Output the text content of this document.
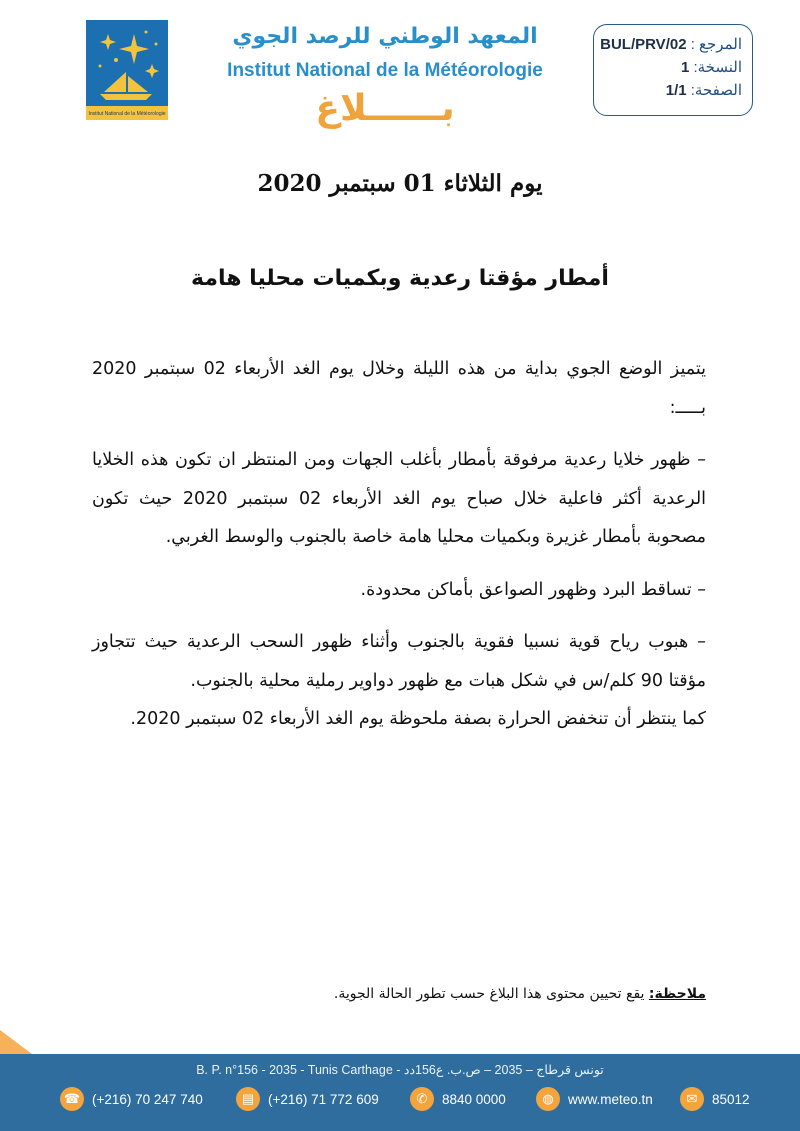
Institut National de la Météorologie
المعهد الوطني للرصد الجوي
Institut National de la Météorologie
بــــــلاغ
المرجع : BUL/PRV/02
النسخة: 1
الصفحة: 1/1
يوم الثلاثاء 01 سبتمبر 2020
أمطار مؤقتا رعدية وبكميات محليا هامة

يتميز الوضع الجوي بداية من هذه الليلة وخلال يوم الغد الأربعاء 02 سبتمبر 2020 بـــــ:

– ظهور خلايا رعدية مرفوقة بأمطار بأغلب الجهات ومن المنتظر ان تكون هذه الخلايا الرعدية أكثر فاعلية خلال صباح يوم الغد الأربعاء 02 سبتمبر 2020 حيث تكون مصحوبة بأمطار غزيرة وبكميات محليا هامة خاصة بالجنوب والوسط الغربي.

– تساقط البرد وظهور الصواعق بأماكن محدودة.

– هبوب رياح قوية نسبيا فقوية بالجنوب وأثناء ظهور السحب الرعدية حيث تتجاوز مؤقتا 90 كلم/س في شكل هبات مع ظهور دواوير رملية محلية بالجنوب.

كما ينتظر أن تنخفض الحرارة بصفة ملحوظة يوم الغد الأربعاء 02 سبتمبر 2020.

ملاحظة: يقع تحيين محتوى هذا البلاغ حسب تطور الحالة الجوية.
B. P. n°156 - 2035 - Tunis Carthage - تونس قرطاج – 2035 – ص.ب. ع156دد
☎ (+216) 70 247 740	▤	(+216) 71 772 609	✆	8840 0000	◍	www.meteo.tn	✉	85012
